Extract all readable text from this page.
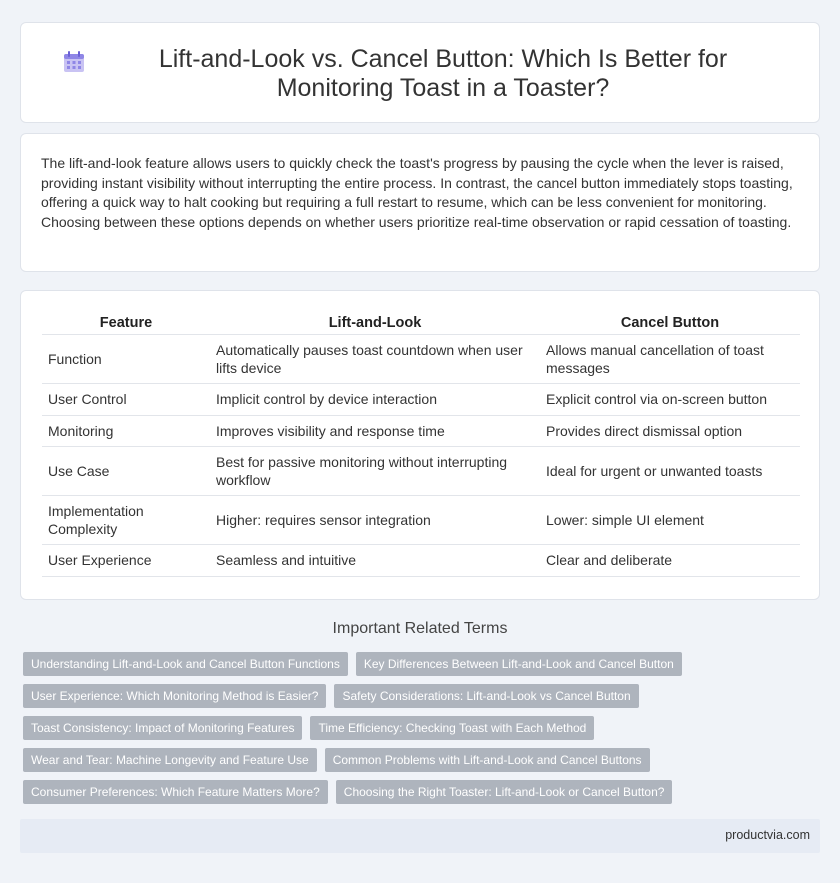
Lift-and-Look vs. Cancel Button: Which Is Better for Monitoring Toast in a Toaster?

The lift-and-look feature allows users to quickly check the toast's progress by pausing the cycle when the lever is raised, providing instant visibility without interrupting the entire process. In contrast, the cancel button immediately stops toasting, offering a quick way to halt cooking but requiring a full restart to resume, which can be less convenient for monitoring. Choosing between these options depends on whether users prioritize real-time observation or rapid cessation of toasting.

Feature	Lift-and-Look	Cancel Button
Function	Automatically pauses toast countdown when user lifts device	Allows manual cancellation of toast messages
User Control	Implicit control by device interaction	Explicit control via on-screen button
Monitoring	Improves visibility and response time	Provides direct dismissal option
Use Case	Best for passive monitoring without interrupting workflow	Ideal for urgent or unwanted toasts
Implementation Complexity	Higher: requires sensor integration	Lower: simple UI element
User Experience	Seamless and intuitive	Clear and deliberate
Important Related Terms
Understanding Lift-and-Look and Cancel Button Functions	Key Differences Between Lift-and-Look and Cancel Button
User Experience: Which Monitoring Method is Easier?	Safety Considerations: Lift-and-Look vs Cancel Button
Toast Consistency: Impact of Monitoring Features	Time Efficiency: Checking Toast with Each Method
Wear and Tear: Machine Longevity and Feature Use	Common Problems with Lift-and-Look and Cancel Buttons
Consumer Preferences: Which Feature Matters More?	Choosing the Right Toaster: Lift-and-Look or Cancel Button?
productvia.com
